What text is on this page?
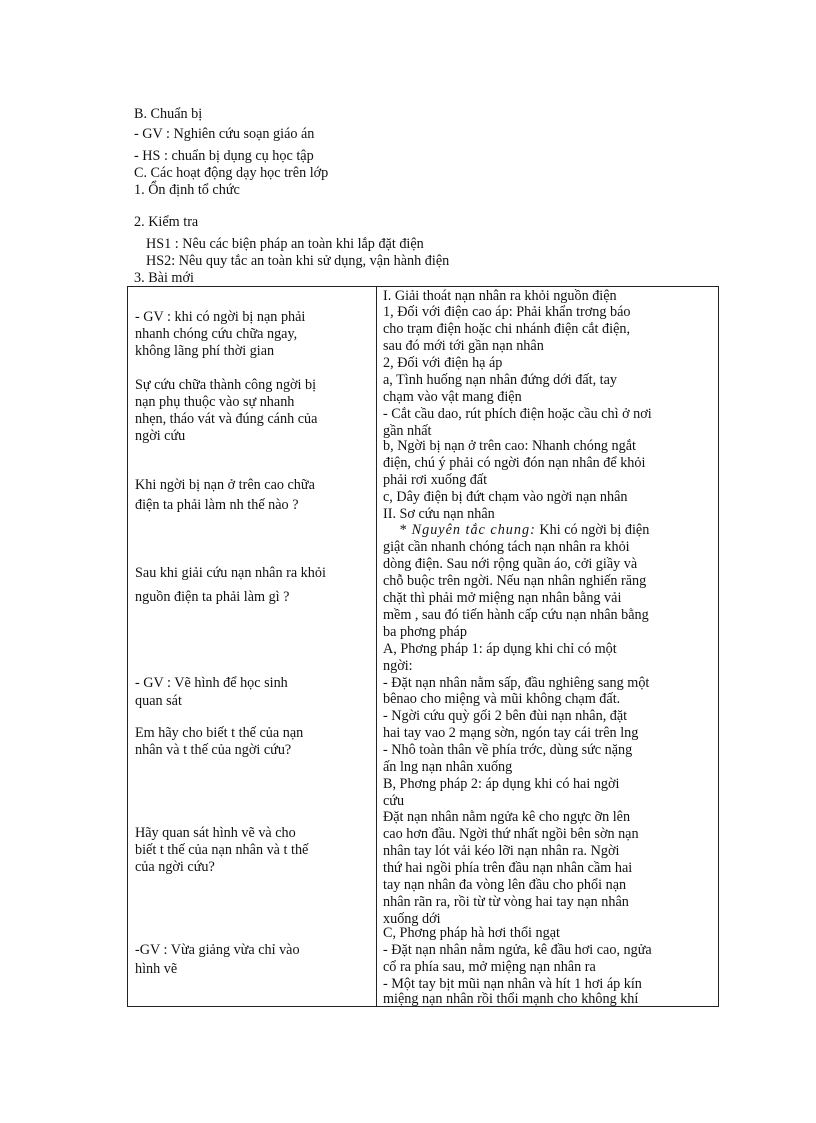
B. Chuẩn bị
- GV : Nghiên cứu soạn giáo án
- HS : chuẩn bị dụng cụ học tập
C. Các hoạt động dạy học trên lớp
1. Ổn định tổ chức
2. Kiểm tra
HS1 : Nêu các biện pháp an toàn khi lắp đặt điện
HS2: Nêu quy tắc an toàn khi sử dụng, vận hành điện
3. Bài mới
- GV : khi có ngời bị nạn phải
nhanh chóng cứu chữa ngay,
không lãng phí thời gian
Sự cứu chữa thành công ngời bị
nạn phụ thuộc vào sự nhanh
nhẹn, tháo vát và đúng cánh của
ngời cứu
Khi ngời bị nạn ở trên cao chữa
điện ta phải làm nh thế nào ?
Sau khi giải cứu nạn nhân ra khỏi
nguồn điện ta phải làm gì ?
- GV : Vẽ hình để học sinh
quan sát
Em hãy cho biết t thế của nạn
nhân và t thế của ngời cứu?
Hãy quan sát hình vẽ và cho
biết t thế của nạn nhân và t thế
của ngời cứu?
-GV : Vừa giảng vừa chỉ vào
hình vẽ
I. Giải thoát nạn nhân ra khỏi nguồn điện
1, Đối với điện cao áp: Phải khẩn trơng báo
cho trạm điện hoặc chi nhánh điện cắt điện,
sau đó mới tới gần nạn nhân
2, Đối với điện hạ áp
a, Tình huống nạn nhân đứng dới đất, tay
chạm vào vật mang điện
- Cắt cầu dao, rút phích điện hoặc cầu chì ở nơi
gần nhất
b, Ngời bị nạn ở trên cao: Nhanh chóng ngắt
điện, chú ý phải có ngời đón nạn nhân để khỏi
phải rơi xuống đất
c, Dây điện bị đứt chạm vào ngời nạn nhân
II. Sơ cứu nạn nhân
* Nguyên tắc chung: Khi có ngời bị điện
giật cần nhanh chóng tách nạn nhân ra khỏi
dòng điện. Sau nới rộng quần áo, cởi giầy và
chỗ buộc trên ngời. Nếu nạn nhân nghiến răng
chặt thì phải mở miệng nạn nhân bằng vải
mềm , sau đó tiến hành cấp cứu nạn nhân bằng
ba phơng pháp
A, Phơng pháp 1: áp dụng khi chỉ có một
ngời:
- Đặt nạn nhân nằm sấp, đầu nghiêng sang một
bênao cho miệng và mũi không chạm đất.
- Ngời cứu quỳ gối 2 bên đùi nạn nhân, đặt
hai tay vao 2 mạng sờn, ngón tay cái trên lng
- Nhô toàn thân về phía trớc, dùng sức nặng
ấn lng nạn nhân xuống
B, Phơng pháp 2: áp dụng khi có hai ngời
cứu
Đặt nạn nhân nằm ngửa kê cho ngực ỡn lên
cao hơn đầu. Ngời thứ nhất ngồi bên sờn nạn
nhân tay lót vải kéo lỡi nạn nhân ra. Ngời
thứ hai ngồi phía trên đầu nạn nhân cầm hai
tay nạn nhân đa vòng lên đầu cho phổi nạn
nhân rãn ra, rồi từ từ vòng hai tay nạn nhân
xuống dới
C, Phơng pháp hà hơi thổi ngạt
- Đặt nạn nhân nằm ngửa, kê đầu hơi cao, ngửa
cổ ra phía sau, mở miệng nạn nhân ra
- Một tay bịt mũi nạn nhân và hít 1 hơi áp kín
miệng nạn nhân rồi thổi mạnh cho không khí
